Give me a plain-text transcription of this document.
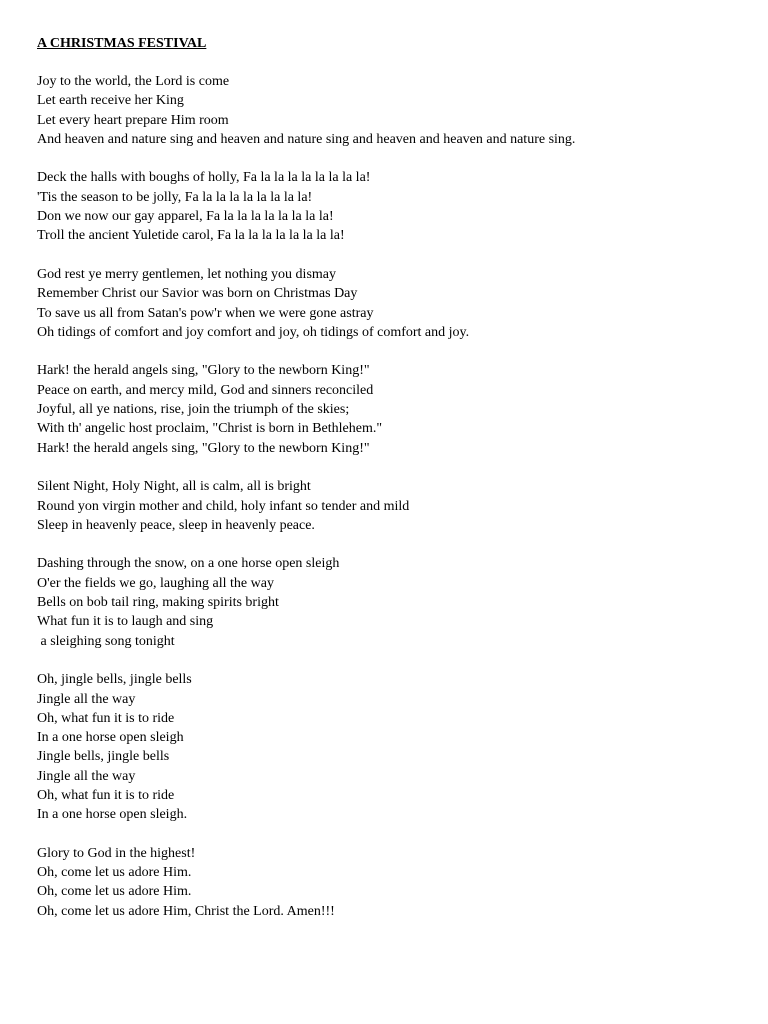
A CHRISTMAS FESTIVAL
Joy to the world, the Lord is come
Let earth receive her King
Let every heart prepare Him room
And heaven and nature sing and heaven and nature sing and heaven and heaven and nature sing.
Deck the halls with boughs of holly, Fa la la la la la la la la!
'Tis the season to be jolly, Fa la la la la la la la la!
Don we now our gay apparel, Fa la la la la la la la la!
Troll the ancient Yuletide carol, Fa la la la la la la la la!
God rest ye merry gentlemen, let nothing you dismay
Remember Christ our Savior was born on Christmas Day
To save us all from Satan's pow'r when we were gone astray
Oh tidings of comfort and joy comfort and joy, oh tidings of comfort and joy.
Hark! the herald angels sing, "Glory to the newborn King!"
Peace on earth, and mercy mild, God and sinners reconciled
Joyful, all ye nations, rise, join the triumph of the skies;
With th' angelic host proclaim, "Christ is born in Bethlehem."
Hark! the herald angels sing, "Glory to the newborn King!"
Silent Night, Holy Night, all is calm, all is bright
Round yon virgin mother and child, holy infant so tender and mild
Sleep in heavenly peace, sleep in heavenly peace.
Dashing through the snow, on a one horse open sleigh
O'er the fields we go, laughing all the way
Bells on bob tail ring, making spirits bright
What fun it is to laugh and sing
a sleighing song tonight
Oh, jingle bells, jingle bells
Jingle all the way
Oh, what fun it is to ride
In a one horse open sleigh
Jingle bells, jingle bells
Jingle all the way
Oh, what fun it is to ride
In a one horse open sleigh.
Glory to God in the highest!
Oh, come let us adore Him.
Oh, come let us adore Him.
Oh, come let us adore Him, Christ the Lord. Amen!!!
